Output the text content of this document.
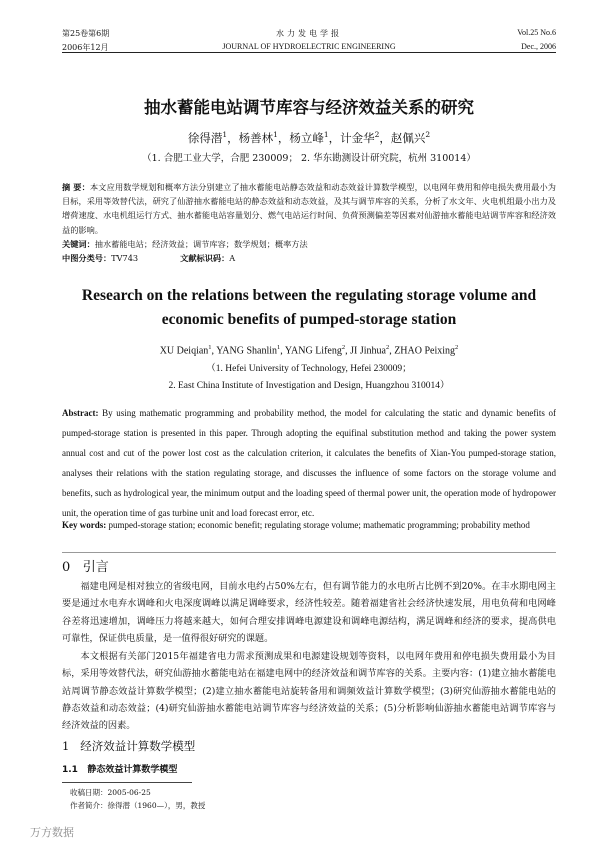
第25卷第6期
2006年12月
水力发电学报
JOURNAL OF HYDROELECTRIC ENGINEERING
Vol.25 No.6
Dec., 2006
抽水蓄能电站调节库容与经济效益关系的研究
徐得潜$^1$，杨善林$^1$，杨立峰$^1$，计金华$^2$，赵佩兴$^2$
（1. 合肥工业大学，合肥 230009； 2. 华东勘测设计研究院，杭州 310014）
摘 要：本文应用数学规划和概率方法分别建立了抽水蓄能电站静态效益和动态效益计算数学模型，以电网年费用和停电损失费用最小为目标，采用等效替代法，研究了仙游抽水蓄能电站的静态效益和动态效益，及其与调节库容的关系，分析了水文年、火电机组最小出力及增荷速度、水电机组运行方式、抽水蓄能电站容量划分、燃气电站运行时间、负荷预测偏差等因素对仙游抽水蓄能电站调节库容和经济效益的影响。
关键词：抽水蓄能电站；经济效益；调节库容；数学规划；概率方法
中图分类号：TV743	文献标识码：A
Research on the relations between the regulating storage volume and
economic benefits of pumped-storage station
XU Deiqian$^1$, YANG Shanlin$^1$, YANG Lifeng$^2$, JI Jinhua$^2$, ZHAO Peixing$^2$
（1. Hefei University of Technology, Hefei 230009；
2. East China Institute of Investigation and Design, Huangzhou 310014）
Abstract: By using mathematic programming and probability method, the model for calculating the static and dynamic benefits of pumped-storage station is presented in this paper. Through adopting the equifinal substitution method and taking the power system annual cost and cut of the power lost cost as the calculation criterion, it calculates the benefits of Xian-You pumped-storage station, analyses their relations with the station regulating storage, and discusses the influence of some factors on the storage volume and benefits, such as hydrological year, the minimum output and the loading speed of thermal power unit, the operation mode of hydropower unit, the operation time of gas turbine unit and load forecast error, etc.
Key words: pumped-storage station; economic benefit; regulating storage volume; mathematic programming; probability method
0 引言
福建电网是相对独立的省级电网，目前水电约占50%左右，但有调节能力的水电所占比例不到20%。在丰水期电网主要是通过水电弃水调峰和火电深度调峰以满足调峰要求，经济性较差。随着福建省社会经济快速发展，用电负荷和电网峰谷差将迅速增加，调峰压力将越来越大，如何合理安排调峰电源建设和调峰电源结构，满足调峰和经济的要求，提高供电可靠性，保证供电质量，是一值得很好研究的课题。
本文根据有关部门2015年福建省电力需求预测成果和电源建设规划等资料，以电网年费用和停电损失费用最小为目标，采用等效替代法，研究仙游抽水蓄能电站在福建电网中的经济效益和调节库容的关系。主要内容：(1)建立抽水蓄能电站周调节静态效益计算数学模型；(2)建立抽水蓄能电站旋转备用和调频效益计算数学模型；(3)研究仙游抽水蓄能电站的静态效益和动态效益；(4)研究仙游抽水蓄能电站调节库容与经济效益的关系；(5)分析影响仙游抽水蓄能电站调节库容与经济效益的因素。
1 经济效益计算数学模型
1.1 静态效益计算数学模型
收稿日期：2005-06-25
作者简介：徐得潜（1960—），男，教授
万方数据
